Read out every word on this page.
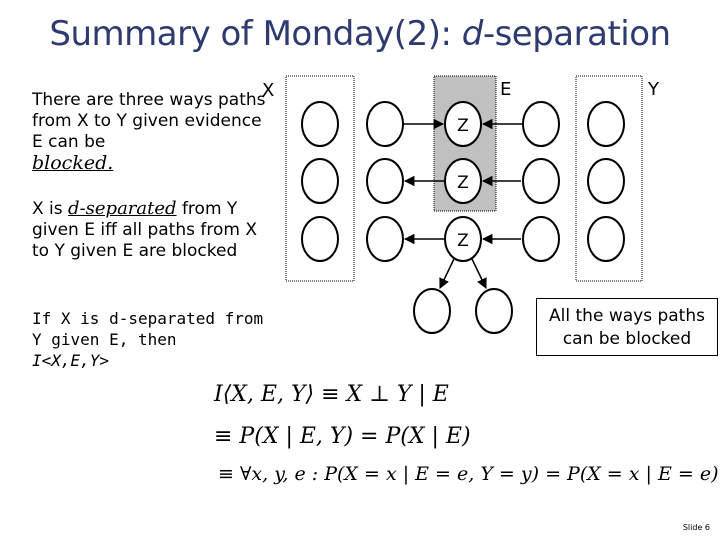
Summary of Monday(2): d-separation
There are three ways paths from X to Y given evidence E can be
blocked.
X is d-separated from Y given E iff all paths from X to Y given E are blocked
If X is d-separated from Y given E, then
I<X,E,Y>
X	E	Y
Z
Z
Z
All the ways paths can be blocked
I⟨X, E, Y⟩ ≡ X ⊥ Y | E
≡ P(X | E, Y) = P(X | E)
≡ ∀x, y, e : P(X = x | E = e, Y = y) = P(X = x | E = e)
Slide 6
